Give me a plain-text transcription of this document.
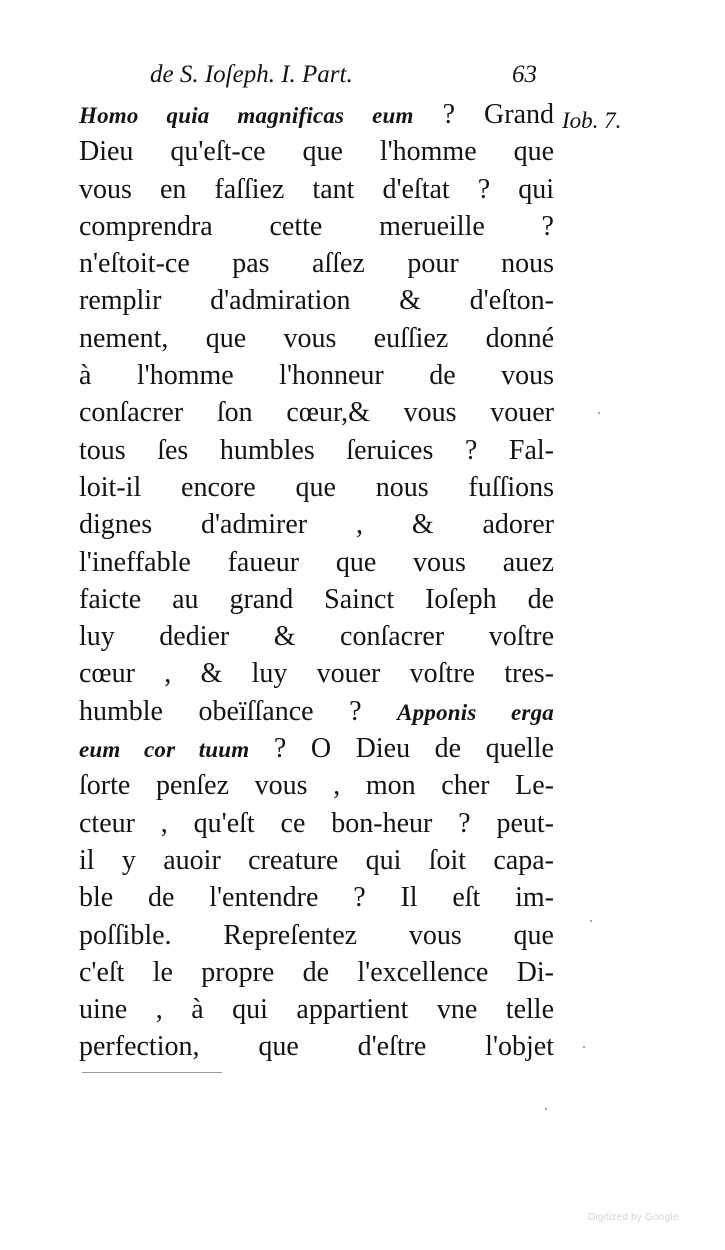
de S. Ioſeph. I. Part.	63
Iob. 7.
Homo quia magnificas eum ? Grand
Dieu qu'eſt-ce que l'homme que
vous en faſſiez tant d'eſtat ? qui
comprendra cette merueille ?
n'eſtoit-ce pas aſſez pour nous
remplir d'admiration & d'eſton-
nement, que vous euſſiez donné
à l'homme l'honneur de vous
conſacrer ſon cœur,& vous vouer
tous ſes humbles ſeruices ? Fal-
loit-il encore que nous fuſſions
dignes d'admirer , & adorer
l'ineffable faueur que vous auez
faicte au grand Sainct Ioſeph de
luy dedier & conſacrer voſtre
cœur , & luy vouer voſtre tres-
humble obeïſſance ? Apponis erga
eum cor tuum ? O Dieu de quelle
ſorte penſez vous , mon cher Le-
cteur , qu'eſt ce bon-heur ? peut-
il y auoir creature qui ſoit capa-
ble de l'entendre ? Il eſt im-
poſſible. Repreſentez vous que
c'eſt le propre de l'excellence Di-
uine , à qui appartient vne telle
perfection, que d'eſtre l'objet
Digitized by Google
